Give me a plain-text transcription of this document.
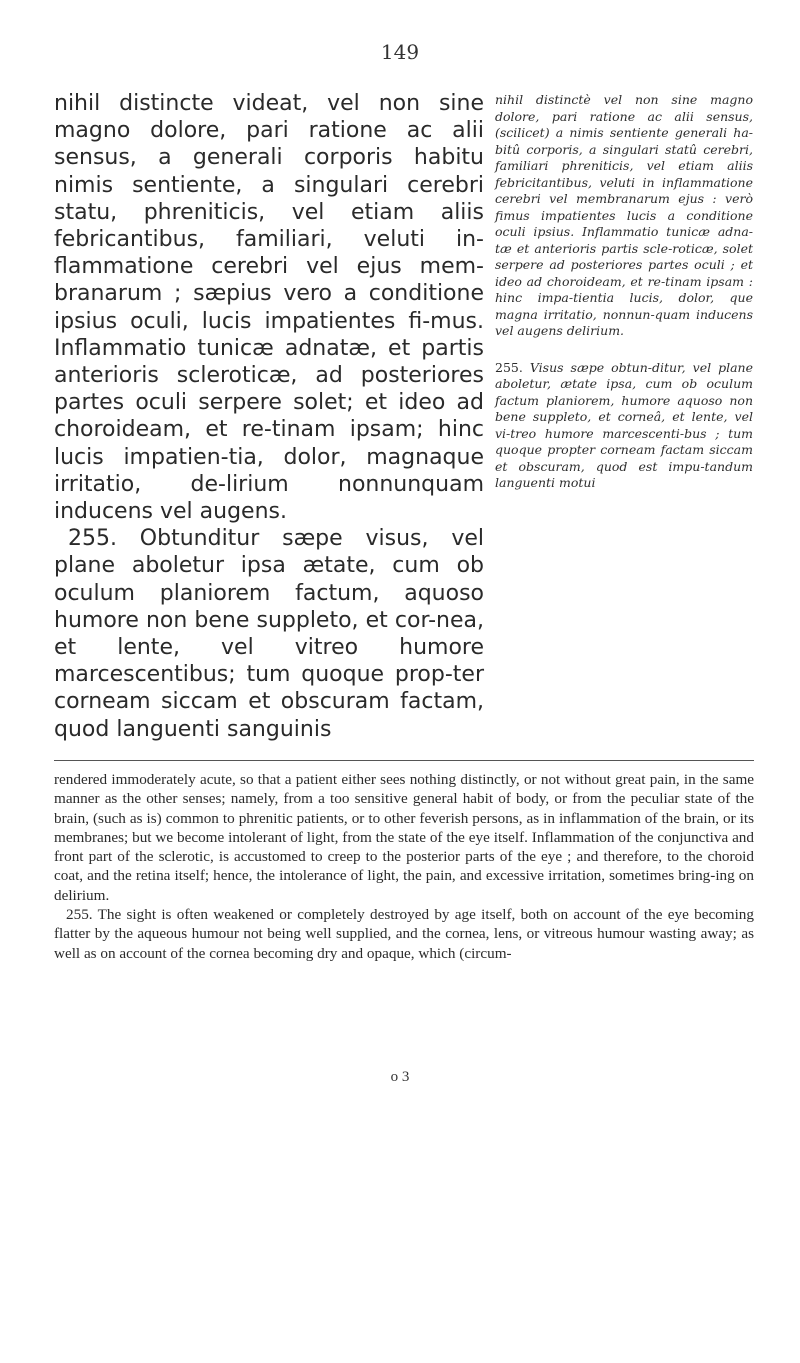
149

nihil distincte videat, vel non sine magno dolore, pari ratione ac alii sensus, a generali corporis habitu nimis sentiente, a singulari cerebri statu, phreniticis, vel etiam aliis febricantibus, familiari, veluti in-flammatione cerebri vel ejus mem-branarum ; sæpius vero a conditione ipsius oculi, lucis impatientes fi-mus. Inflammatio tunicæ adnatæ, et partis anterioris scleroticæ, ad posteriores partes oculi serpere solet; et ideo ad choroideam, et re-tinam ipsam; hinc lucis impatien-tia, dolor, magnaque irritatio, de-lirium nonnunquam inducens vel augens.

255. Obtunditur sæpe visus, vel plane aboletur ipsa ætate, cum ob oculum planiorem factum, aquoso humore non bene suppleto, et cor-nea, et lente, vel vitreo humore marcescentibus; tum quoque prop-ter corneam siccam et obscuram factam, quod languenti sanguinis

nihil distinctè vel non sine magno dolore, pari ratione ac alii sensus, (scilicet) a nimis sentiente generali ha-bitû corporis, a singulari statû cerebri, familiari phreniticis, vel etiam aliis febricitantibus, veluti in inflammatione cerebri vel membranarum ejus : verò fimus impatientes lucis a conditione oculi ipsius. Inflammatio tunicæ adna-tæ et anterioris partis scle-roticæ, solet serpere ad posteriores partes oculi ; et ideo ad choroideam, et re-tinam ipsam : hinc impa-tientia lucis, dolor, que magna irritatio, nonnun-quam inducens vel augens delirium.

255. Visus sæpe obtun-ditur, vel plane aboletur, ætate ipsa, cum ob oculum factum planiorem, humore aquoso non bene suppleto, et corneâ, et lente, vel vi-treo humore marcescenti-bus ; tum quoque propter corneam factam siccam et obscuram, quod est impu-tandum languenti motui

rendered immoderately acute, so that a patient either sees nothing distinctly, or not without great pain, in the same manner as the other senses; namely, from a too sensitive general habit of body, or from the peculiar state of the brain, (such as is) common to phrenitic patients, or to other feverish persons, as in inflammation of the brain, or its membranes; but we become intolerant of light, from the state of the eye itself. Inflammation of the conjunctiva and front part of the sclerotic, is accustomed to creep to the posterior parts of the eye ; and therefore, to the choroid coat, and the retina itself; hence, the intolerance of light, the pain, and excessive irritation, sometimes bring-ing on delirium.

255. The sight is often weakened or completely destroyed by age itself, both on account of the eye becoming flatter by the aqueous humour not being well supplied, and the cornea, lens, or vitreous humour wasting away; as well as on account of the cornea becoming dry and opaque, which (circum-

o 3
